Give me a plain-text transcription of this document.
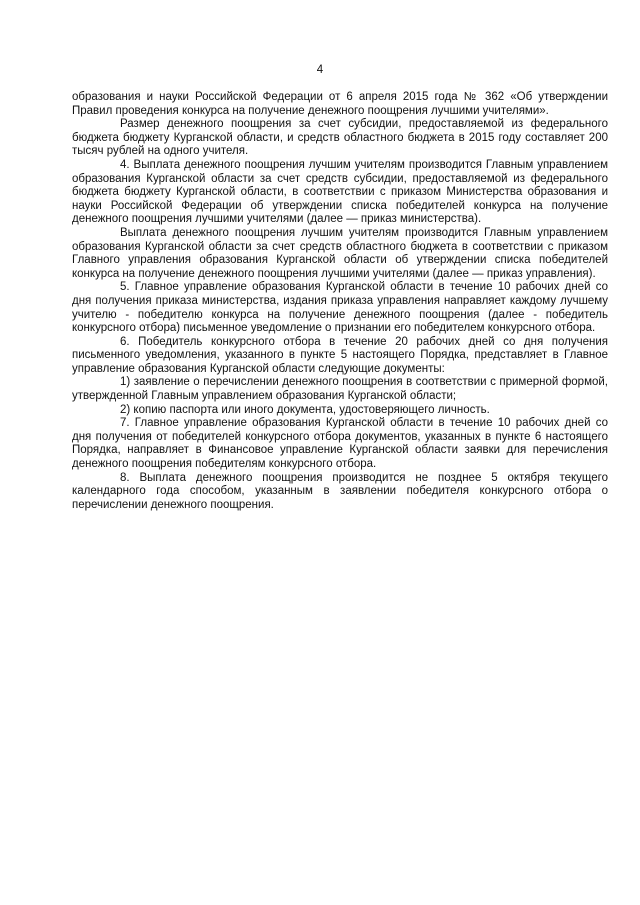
4

образования и науки Российской Федерации от 6 апреля 2015 года № 362 «Об утверждении Правил проведения конкурса на получение денежного поощрения лучшими учителями».

Размер денежного поощрения за счет субсидии, предоставляемой из федерального бюджета бюджету Курганской области, и средств областного бюджета в 2015 году составляет 200 тысяч рублей на одного учителя.

4. Выплата денежного поощрения лучшим учителям производится Главным управлением образования Курганской области за счет средств субсидии, предоставляемой из федерального бюджета бюджету Курганской области, в соответствии с приказом Министерства образования и науки Российской Федерации об утверждении списка победителей конкурса на получение денежного поощрения лучшими учителями (далее — приказ министерства).

Выплата денежного поощрения лучшим учителям производится Главным управлением образования Курганской области за счет средств областного бюджета в соответствии с приказом Главного управления образования Курганской области об утверждении списка победителей конкурса на получение денежного поощрения лучшими учителями (далее — приказ управления).

5. Главное управление образования Курганской области в течение 10 рабочих дней со дня получения приказа министерства, издания приказа управления направляет каждому лучшему учителю - победителю конкурса на получение денежного поощрения (далее - победитель конкурсного отбора) письменное уведомление о признании его победителем конкурсного отбора.

6. Победитель конкурсного отбора в течение 20 рабочих дней со дня получения письменного уведомления, указанного в пункте 5 настоящего Порядка, представляет в Главное управление образования Курганской области следующие документы:

1) заявление о перечислении денежного поощрения в соответствии с примерной формой, утвержденной Главным управлением образования Курганской области;

2) копию паспорта или иного документа, удостоверяющего личность.

7. Главное управление образования Курганской области в течение 10 рабочих дней со дня получения от победителей конкурсного отбора документов, указанных в пункте 6 настоящего Порядка, направляет в Финансовое управление Курганской области заявки для перечисления денежного поощрения победителям конкурсного отбора.

8. Выплата денежного поощрения производится не позднее 5 октября текущего календарного года способом, указанным в заявлении победителя конкурсного отбора о перечислении денежного поощрения.
